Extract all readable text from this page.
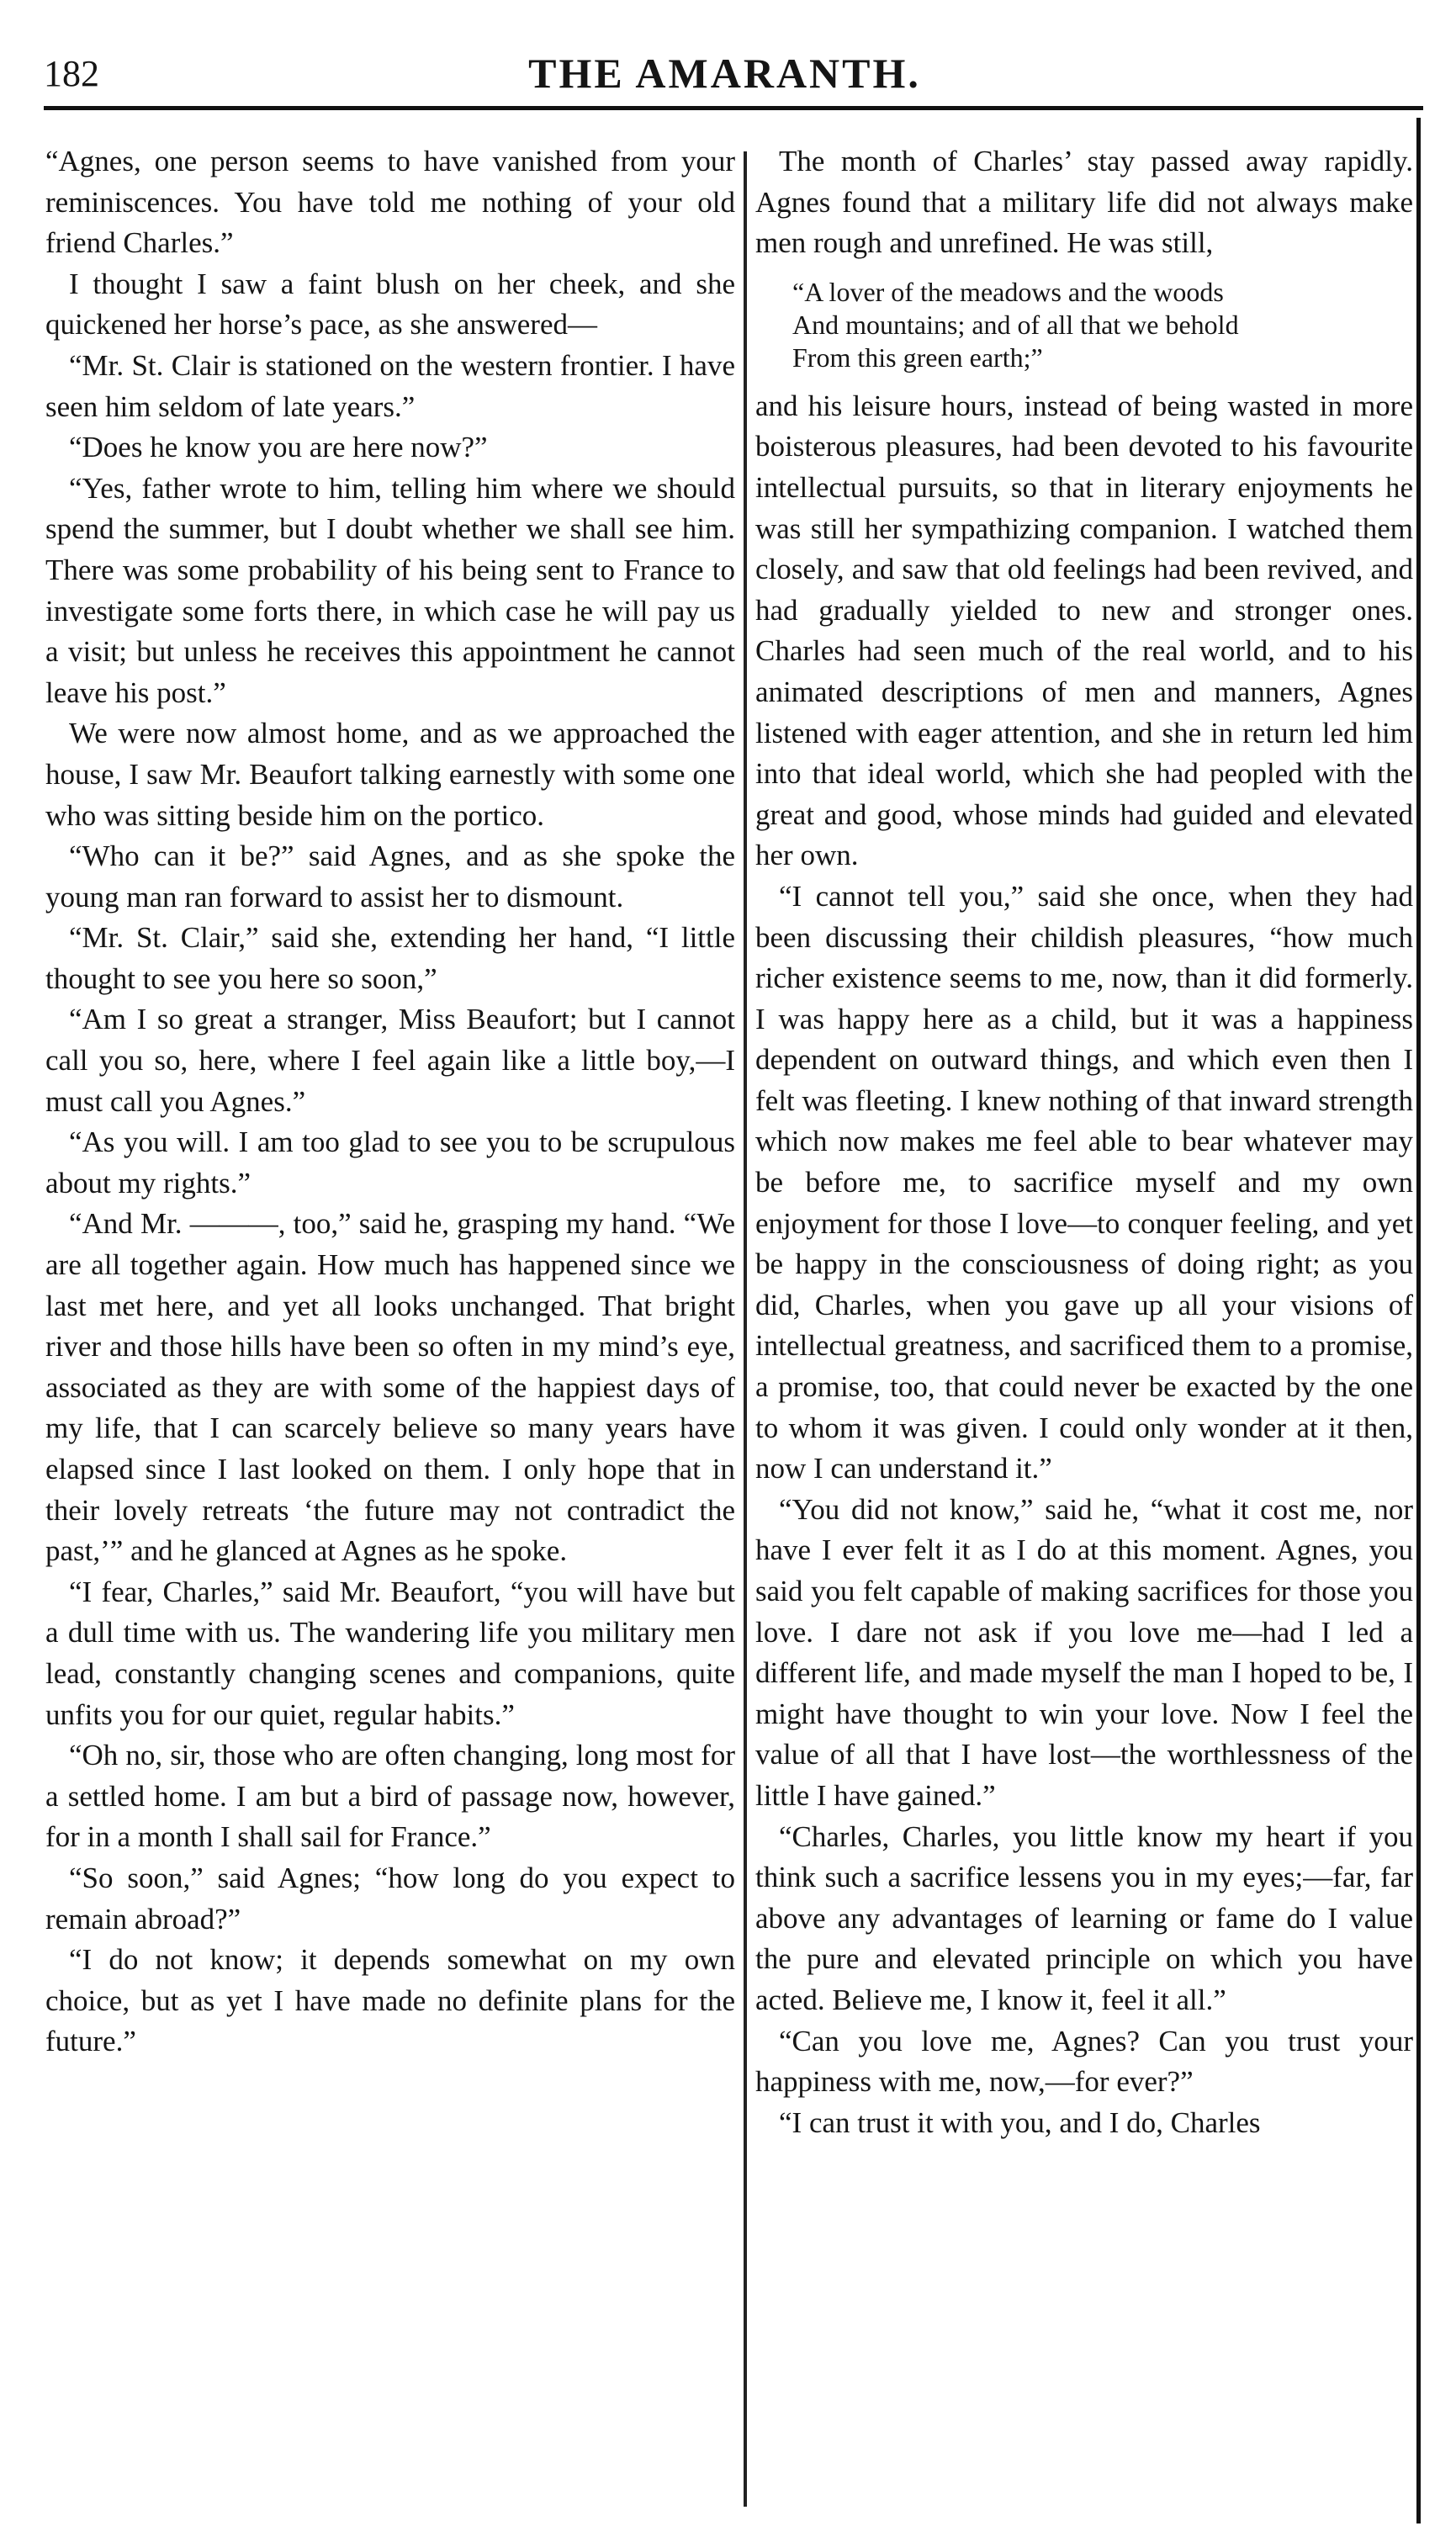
182	THE AMARANTH.

“Agnes, one person seems to have vanished from your reminiscences. You have told me nothing of your old friend Charles.”

I thought I saw a faint blush on her cheek, and she quickened her horse’s pace, as she answered—

“Mr. St. Clair is stationed on the western frontier. I have seen him seldom of late years.”

“Does he know you are here now?”

“Yes, father wrote to him, telling him where we should spend the summer, but I doubt whether we shall see him. There was some probability of his being sent to France to investigate some forts there, in which case he will pay us a visit; but unless he receives this appointment he cannot leave his post.”

We were now almost home, and as we approached the house, I saw Mr. Beaufort talking earnestly with some one who was sitting beside him on the portico.

“Who can it be?” said Agnes, and as she spoke the young man ran forward to assist her to dismount.

“Mr. St. Clair,” said she, extending her hand, “I little thought to see you here so soon,”

“Am I so great a stranger, Miss Beaufort; but I cannot call you so, here, where I feel again like a little boy,—I must call you Agnes.”

“As you will. I am too glad to see you to be scrupulous about my rights.”

“And Mr. ———, too,” said he, grasping my hand. “We are all together again. How much has happened since we last met here, and yet all looks unchanged. That bright river and those hills have been so often in my mind’s eye, associated as they are with some of the happiest days of my life, that I can scarcely believe so many years have elapsed since I last looked on them. I only hope that in their lovely retreats ‘the future may not contradict the past,’” and he glanced at Agnes as he spoke.

“I fear, Charles,” said Mr. Beaufort, “you will have but a dull time with us. The wandering life you military men lead, constantly changing scenes and companions, quite unfits you for our quiet, regular habits.”

“Oh no, sir, those who are often changing, long most for a settled home. I am but a bird of passage now, however, for in a month I shall sail for France.”

“So soon,” said Agnes; “how long do you expect to remain abroad?”

“I do not know; it depends somewhat on my own choice, but as yet I have made no definite plans for the future.”

The month of Charles’ stay passed away rapidly. Agnes found that a military life did not always make men rough and unrefined. He was still,

“A lover of the meadows and the woods
And mountains; and of all that we behold
From this green earth;”

and his leisure hours, instead of being wasted in more boisterous pleasures, had been devoted to his favourite intellectual pursuits, so that in literary enjoyments he was still her sympathizing companion. I watched them closely, and saw that old feelings had been revived, and had gradually yielded to new and stronger ones. Charles had seen much of the real world, and to his animated descriptions of men and manners, Agnes listened with eager attention, and she in return led him into that ideal world, which she had peopled with the great and good, whose minds had guided and elevated her own.

“I cannot tell you,” said she once, when they had been discussing their childish pleasures, “how much richer existence seems to me, now, than it did formerly. I was happy here as a child, but it was a happiness dependent on outward things, and which even then I felt was fleeting. I knew nothing of that inward strength which now makes me feel able to bear whatever may be before me, to sacrifice myself and my own enjoyment for those I love—to conquer feeling, and yet be happy in the consciousness of doing right; as you did, Charles, when you gave up all your visions of intellectual greatness, and sacrificed them to a promise, a promise, too, that could never be exacted by the one to whom it was given. I could only wonder at it then, now I can understand it.”

“You did not know,” said he, “what it cost me, nor have I ever felt it as I do at this moment. Agnes, you said you felt capable of making sacrifices for those you love. I dare not ask if you love me—had I led a different life, and made myself the man I hoped to be, I might have thought to win your love. Now I feel the value of all that I have lost—the worthlessness of the little I have gained.”

“Charles, Charles, you little know my heart if you think such a sacrifice lessens you in my eyes;—far, far above any advantages of learning or fame do I value the pure and elevated principle on which you have acted. Believe me, I know it, feel it all.”

“Can you love me, Agnes? Can you trust your happiness with me, now,—for ever?”

“I can trust it with you, and I do, Charles
